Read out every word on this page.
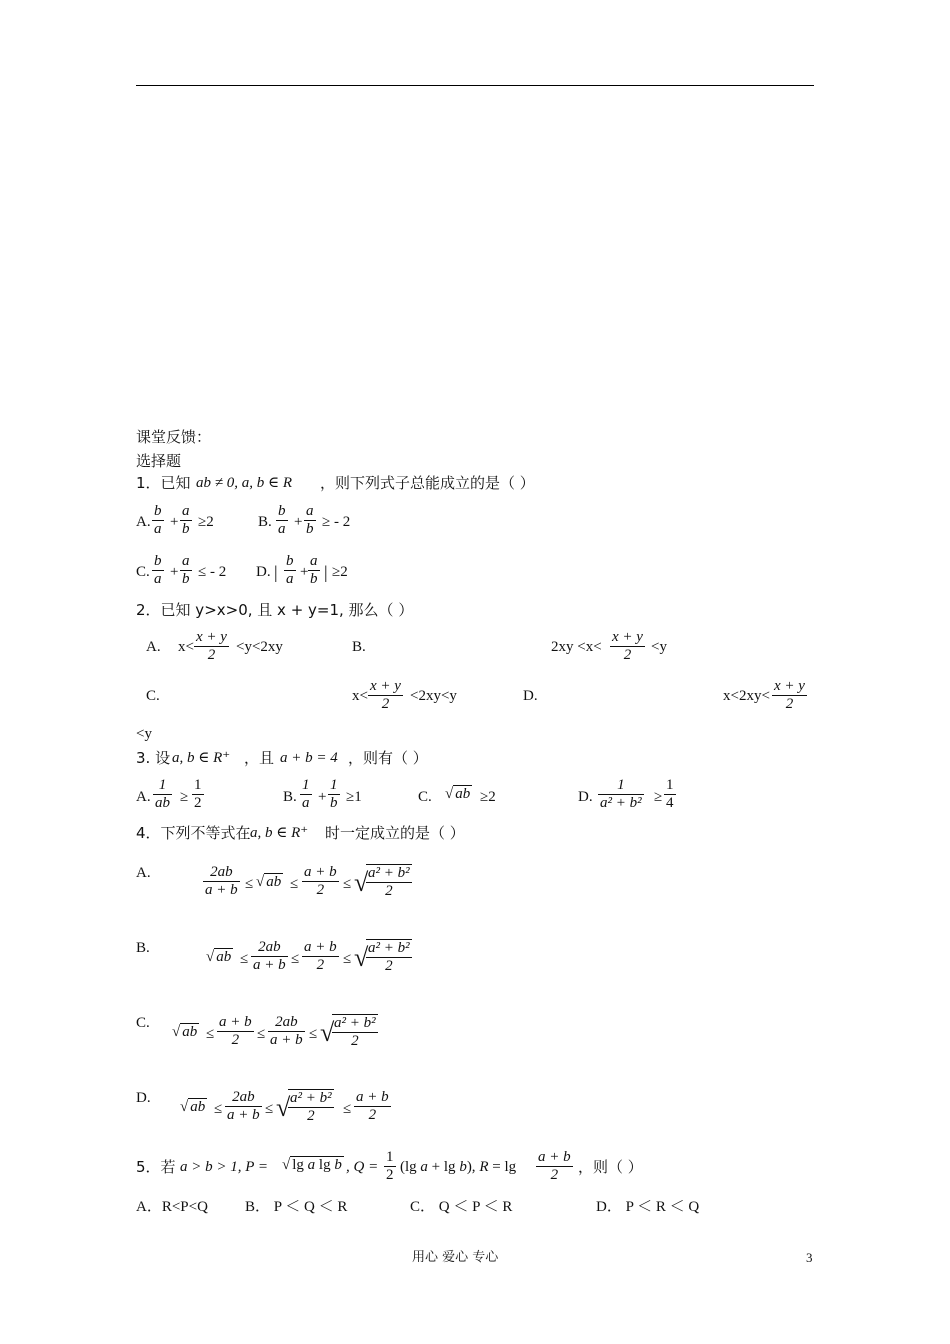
课堂反馈：
选择题
1．已知 ab ≠ 0, a, b ∈ R ，则下列式子总能成立的是（ ）
A. $\frac{b}{a} + \frac{a}{b} \ge 2$	B. $\frac{b}{a} + \frac{a}{b}$ ≥ - 2
C. $\frac{b}{a} + \frac{a}{b}$ ≤ - 2 D. | $\frac{b}{a} + \frac{a}{b}$ | ≥2
2．已知 y>x>0, 且 x + y=1, 那么（ ）
A. $x< \frac{x + y}{2} <y<2xy$	B.	$2xy <x< \frac{x + y}{2} <y$
C.	$x< \frac{x + y}{2} <2xy<y$	D.	$x<2xy< \frac{x + y}{2}$
<y
3. 设 a, b ∈ R⁺ ，且 a + b = 4 ，则有（ ）
A. $\frac{1}{ab} \ge \frac{1}{2}$	B. $\frac{1}{a} + \frac{1}{b} \ge 1$	C. √ ab ≥2	D. $\frac{1}{\text{a² + b²}} \ge \frac{1}{4}$
4．下列不等式在 a, b ∈ R⁺ 时一定成立的是（ ）
A.	$\frac{2ab}{a + b}$ ≤ √ ab ≤ $\frac{a + b}{2}$ ≤ √
$\frac{\text{a² + b²}}{2}$
B.
√ ab ≤ $\frac{2ab}{a + b} \le \frac{a + b}{2}$ ≤ √
$\frac{\text{a² + b²}}{2}$
C.
√ ab ≤ $\frac{a + b}{2} \le \frac{2ab}{a + b}$ ≤ √
$\frac{\text{a² + b²}}{2}$
D.
√ ab ≤ $\frac{2ab}{a + b}$ ≤ √
$\frac{\text{a² + b²}}{2} \le \frac{a + b}{2}$
5．若 a > b > 1, P = √ lg a lg b , $Q = \frac{1}{2} (\lg$ a + lg b), $R = \lg \frac{a + b}{2}$ ，则（ ）
A．R<P<Q B． P ＜ Q ＜ R	C． Q ＜ P ＜ R	D． P ＜ R ＜ Q
用心 爱心 专心	3
